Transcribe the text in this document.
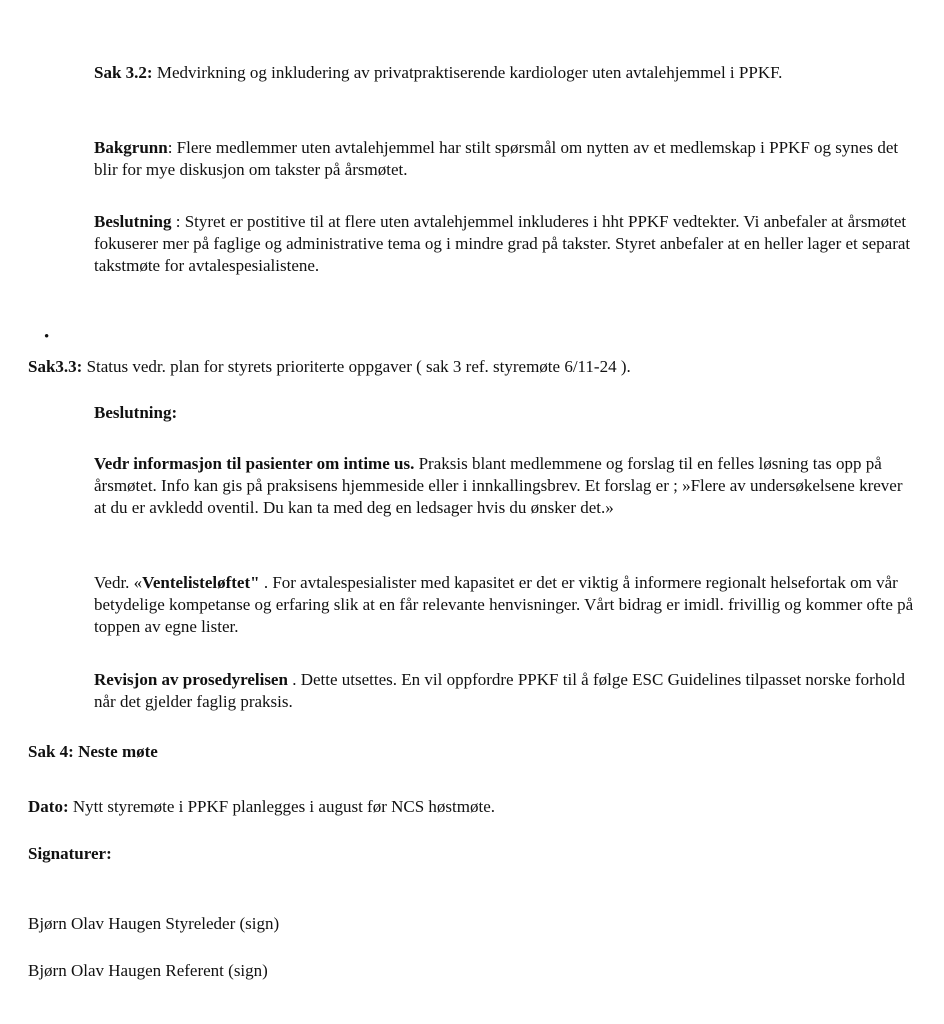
Sak 3.2: Medvirkning og inkludering av privatpraktiserende kardiologer uten avtalehjemmel i PPKF.

Bakgrunn: Flere medlemmer uten avtalehjemmel har stilt spørsmål om nytten av et medlemskap i PPKF og synes det blir for mye diskusjon om takster på årsmøtet.

Beslutning : Styret er postitive til at flere uten avtalehjemmel inkluderes i hht PPKF vedtekter. Vi anbefaler at årsmøtet fokuserer mer på faglige og administrative tema og i mindre grad på takster. Styret anbefaler at en heller lager et separat takstmøte for avtalespesialistene.

•

Sak3.3: Status vedr. plan for styrets prioriterte oppgaver ( sak 3 ref. styremøte 6/11-24 ).

Beslutning:

Vedr informasjon til pasienter om intime us. Praksis blant medlemmene og forslag til en felles løsning tas opp på årsmøtet. Info kan gis på praksisens hjemmeside eller i innkallingsbrev. Et forslag er ; »Flere av undersøkelsene krever at du er avkledd oventil. Du kan ta med deg en ledsager hvis du ønsker det.»

Vedr. «Ventelisteløftet" . For avtalespesialister med kapasitet er det er viktig å informere regionalt helsefortak om vår betydelige kompetanse og erfaring slik at en får relevante henvisninger. Vårt bidrag er imidl. frivillig og kommer ofte på toppen av egne lister.

Revisjon av prosedyrelisen . Dette utsettes. En vil oppfordre PPKF til å følge ESC Guidelines tilpasset norske forhold når det gjelder faglig praksis.

Sak 4: Neste møte

Dato: Nytt styremøte i PPKF planlegges i august før NCS høstmøte.

Signaturer:

Bjørn Olav Haugen Styreleder (sign)

Bjørn Olav Haugen Referent (sign)
